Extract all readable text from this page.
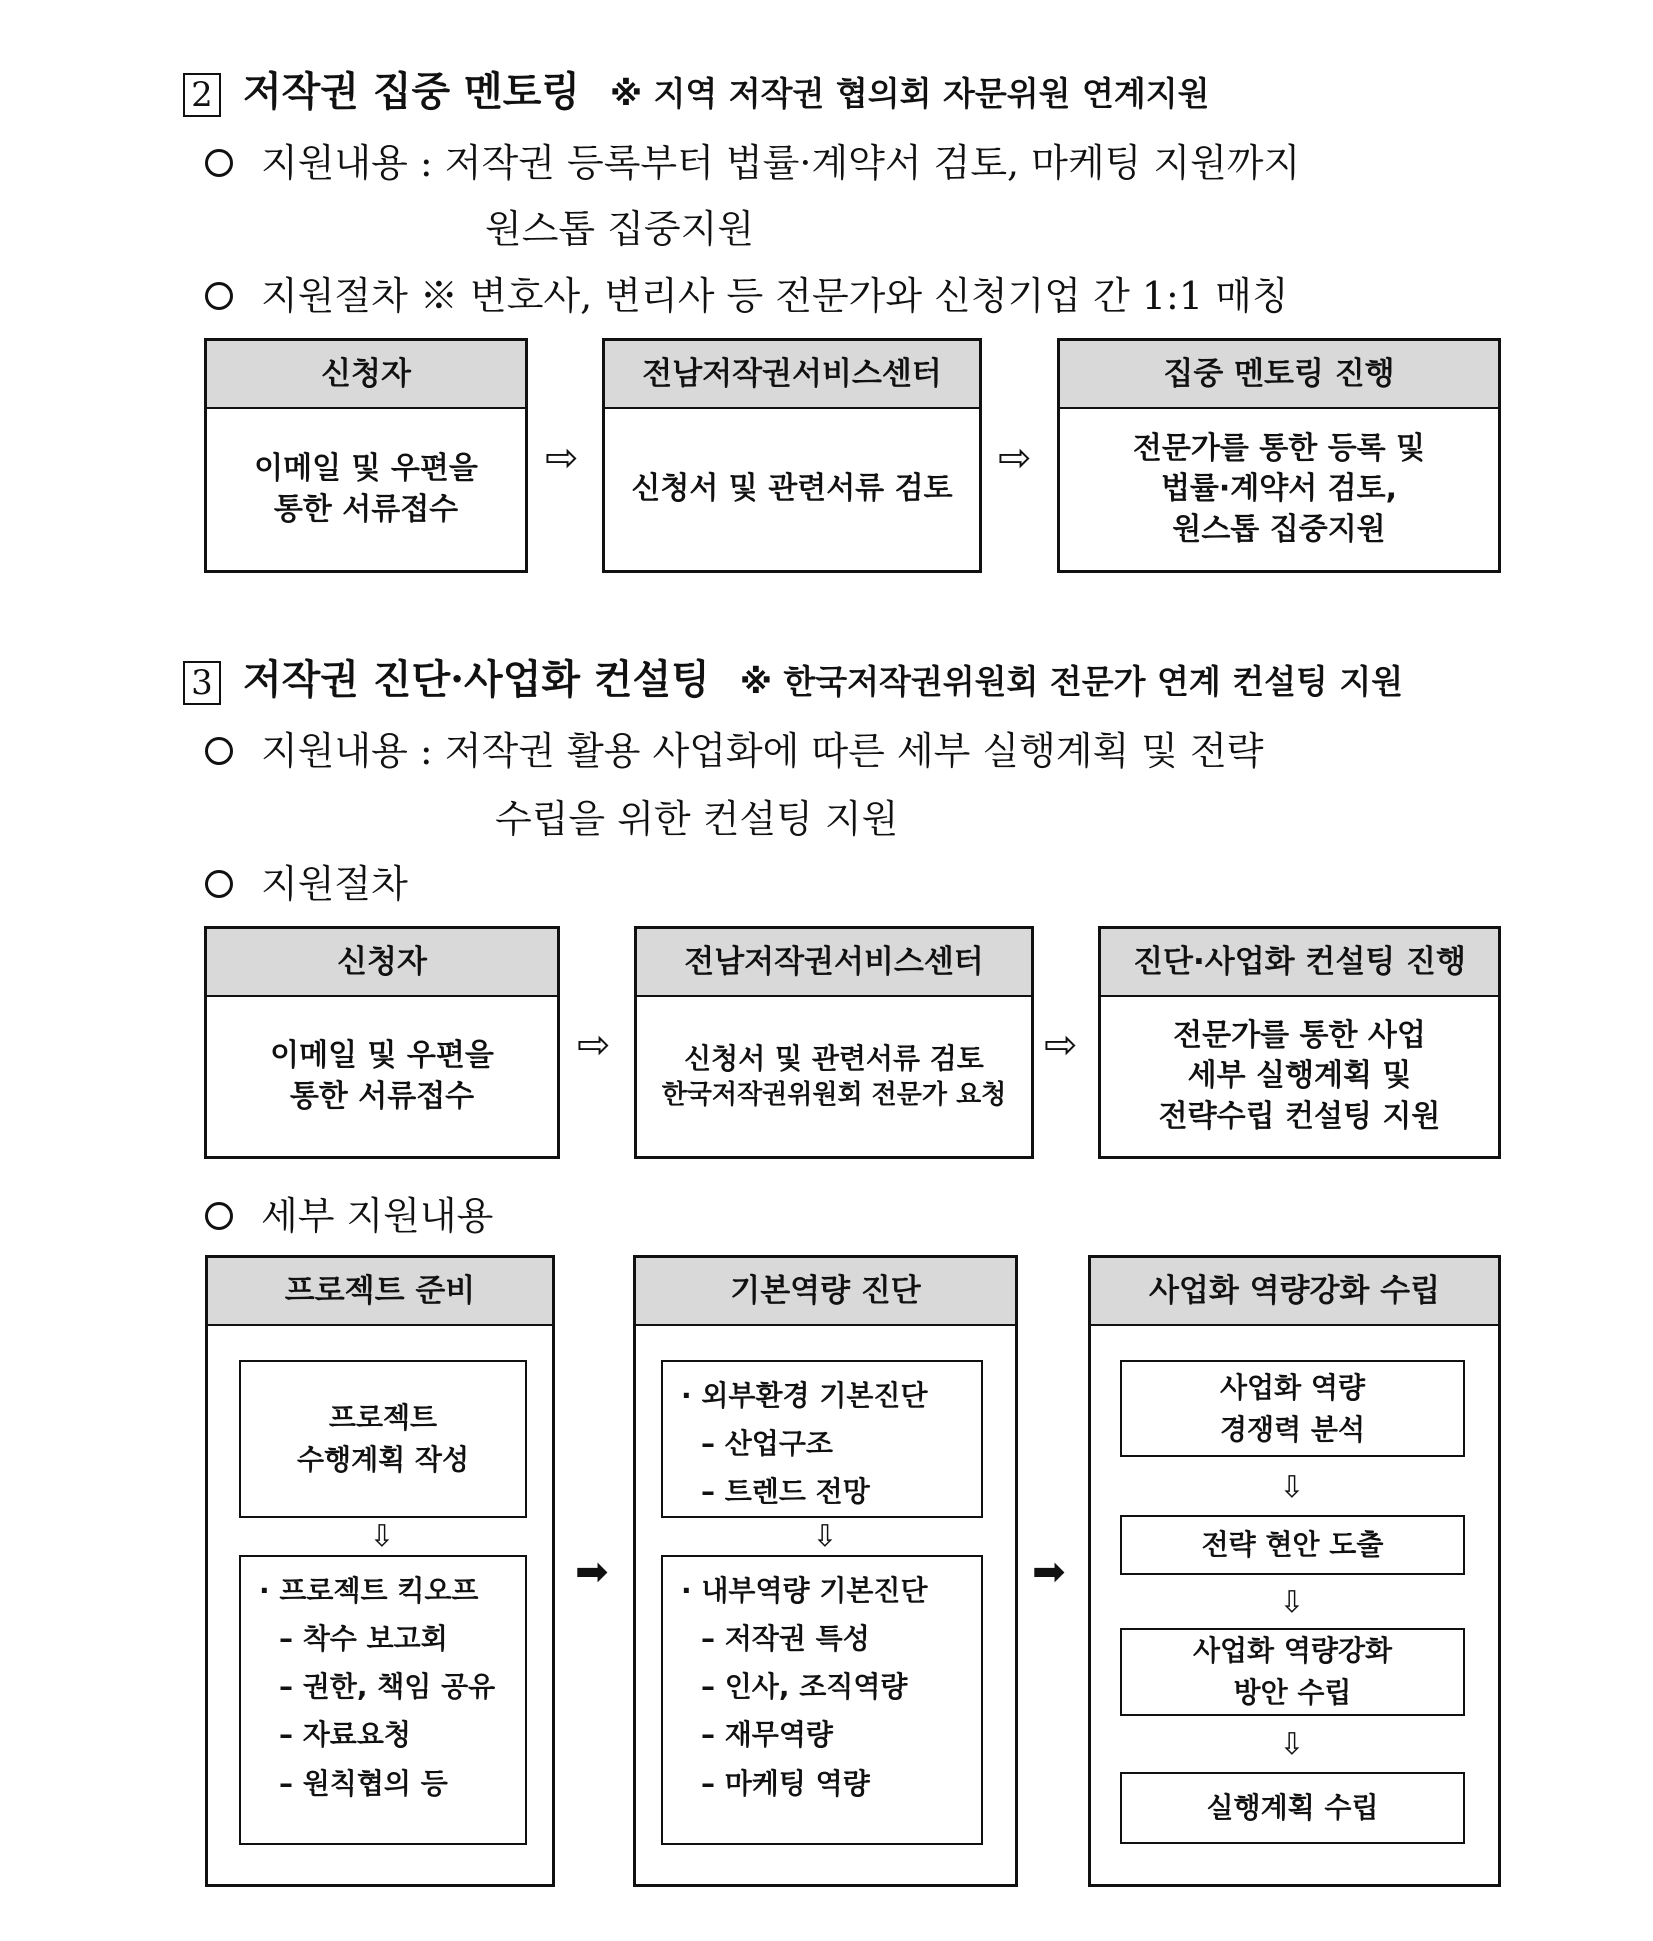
2 저작권 집중 멘토링 ※ 지역 저작권 협의회 자문위원 연계지원
지원내용 : 저작권 등록부터 법률·계약서 검토, 마케팅 지원까지
원스톱 집중지원
지원절차 ※ 변호사, 변리사 등 전문가와 신청기업 간 1:1 매칭
신청자
이메일 및 우편을
통한 서류접수
⇨
전남저작권서비스센터
신청서 및 관련서류 검토
⇨
집중 멘토링 진행
전문가를 통한 등록 및
법률·계약서 검토,
원스톱 집중지원
3 저작권 진단·사업화 컨설팅 ※ 한국저작권위원회 전문가 연계 컨설팅 지원
지원내용 : 저작권 활용 사업화에 따른 세부 실행계획 및 전략
수립을 위한 컨설팅 지원
지원절차
신청자
이메일 및 우편을
통한 서류접수
⇨
전남저작권서비스센터
신청서 및 관련서류 검토
한국저작권위원회 전문가 요청
⇨
진단·사업화 컨설팅 진행
전문가를 통한 사업
세부 실행계획 및
전략수립 컨설팅 지원
세부 지원내용
프로젝트 준비
프로젝트
수행계획 작성
⇩
· 프로젝트 킥오프
– 착수 보고회
– 권한, 책임 공유
– 자료요청
– 원칙협의 등
➡
기본역량 진단
· 외부환경 기본진단
– 산업구조
– 트렌드 전망
⇩
· 내부역량 기본진단
– 저작권 특성
– 인사, 조직역량
– 재무역량
– 마케팅 역량
➡
사업화 역량강화 수립
사업화 역량
경쟁력 분석
⇩
전략 현안 도출
⇩
사업화 역량강화
방안 수립
⇩
실행계획 수립
